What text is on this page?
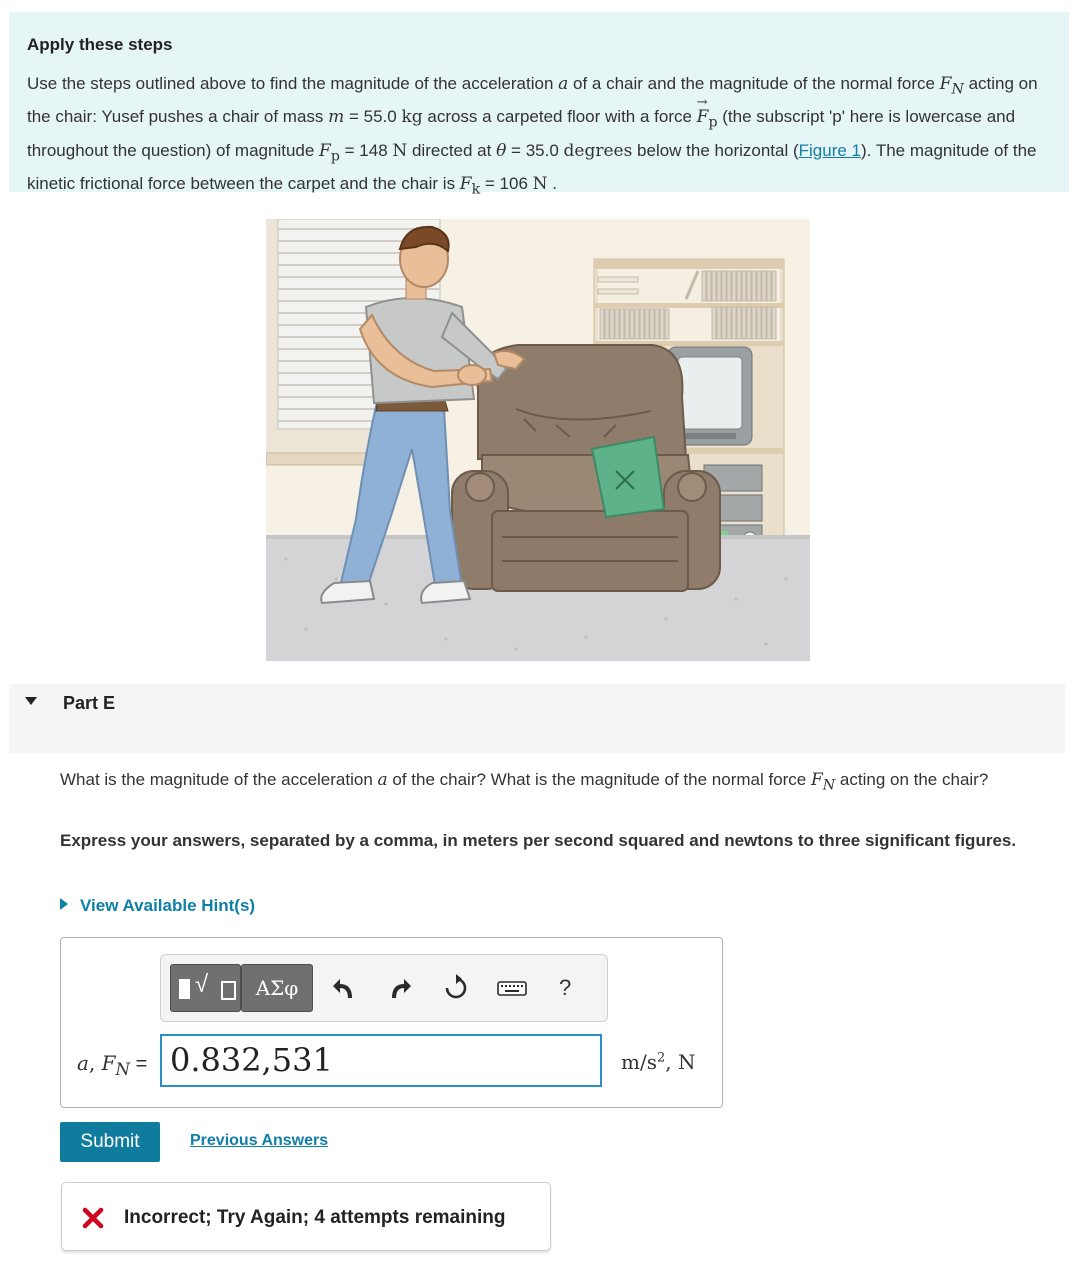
Apply these steps
Use the steps outlined above to find the magnitude of the acceleration a of a chair and the magnitude of the normal force $F_N$ acting on the chair: Yusef pushes a chair of mass m = 55.0 kg across a carpeted floor with a force F
→
$_p$ (the subscript 'p' here is lowercase and throughout the question) of magnitude $F_p = 148$ N directed at θ = 35.0 degrees below the horizontal (Figure 1). The magnitude of the kinetic frictional force between the carpet and the chair is $F_k = 106$ N .
Part E
What is the magnitude of the acceleration a of the chair? What is the magnitude of the normal force $F_N$ acting on the chair?
Express your answers, separated by a comma, in meters per second squared and newtons to three significant figures.
View Available Hint(s)
√	ΑΣφ	?
a, $F_N = 0.832,531$	$m/s^2$, N
Submit	Previous Answers
Incorrect; Try Again; 4 attempts remaining
